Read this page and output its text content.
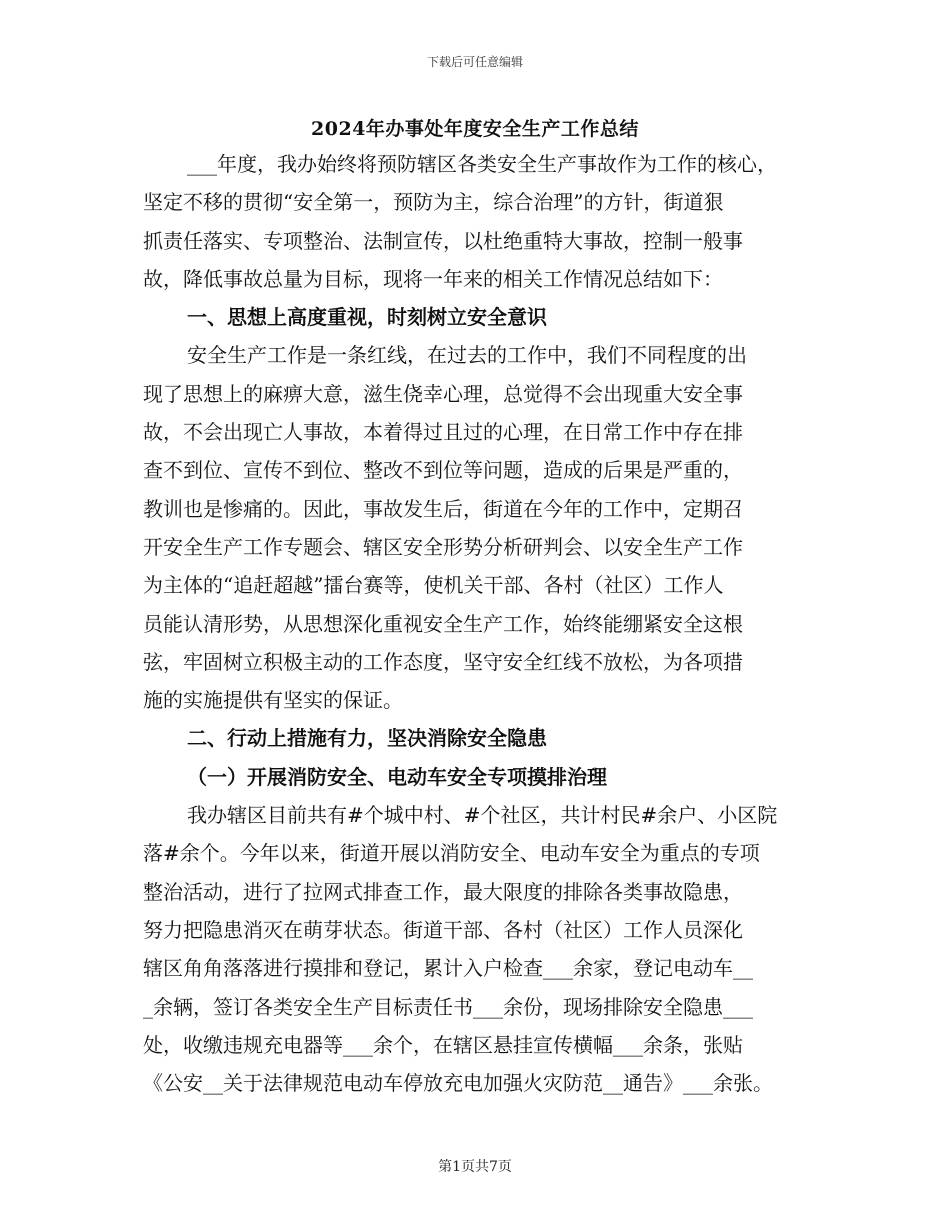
下载后可任意编辑
2024年办事处年度安全生产工作总结
___年度，我办始终将预防辖区各类安全生产事故作为工作的核心，
坚定不移的贯彻“安全第一，预防为主，综合治理”的方针，街道狠
抓责任落实、专项整治、法制宣传，以杜绝重特大事故，控制一般事
故，降低事故总量为目标，现将一年来的相关工作情况总结如下：
一、思想上高度重视，时刻树立安全意识
安全生产工作是一条红线，在过去的工作中，我们不同程度的出
现了思想上的麻痹大意，滋生侥幸心理，总觉得不会出现重大安全事
故，不会出现亡人事故，本着得过且过的心理，在日常工作中存在排
查不到位、宣传不到位、整改不到位等问题，造成的后果是严重的，
教训也是惨痛的。因此，事故发生后，街道在今年的工作中，定期召
开安全生产工作专题会、辖区安全形势分析研判会、以安全生产工作
为主体的“追赶超越”擂台赛等，使机关干部、各村（社区）工作人
员能认清形势，从思想深化重视安全生产工作，始终能绷紧安全这根
弦，牢固树立积极主动的工作态度，坚守安全红线不放松，为各项措
施的实施提供有坚实的保证。
二、行动上措施有力，坚决消除安全隐患
（一）开展消防安全、电动车安全专项摸排治理
我办辖区目前共有#个城中村、#个社区，共计村民#余户、小区院
落#余个。今年以来，街道开展以消防安全、电动车安全为重点的专项
整治活动，进行了拉网式排查工作，最大限度的排除各类事故隐患，
努力把隐患消灭在萌芽状态。街道干部、各村（社区）工作人员深化
辖区角角落落进行摸排和登记，累计入户检查___余家，登记电动车__
_余辆，签订各类安全生产目标责任书___余份，现场排除安全隐患___
处，收缴违规充电器等___余个，在辖区悬挂宣传横幅___余条，张贴
《公安__关于法律规范电动车停放充电加强火灾防范__通告》___余张。
第1页共7页
